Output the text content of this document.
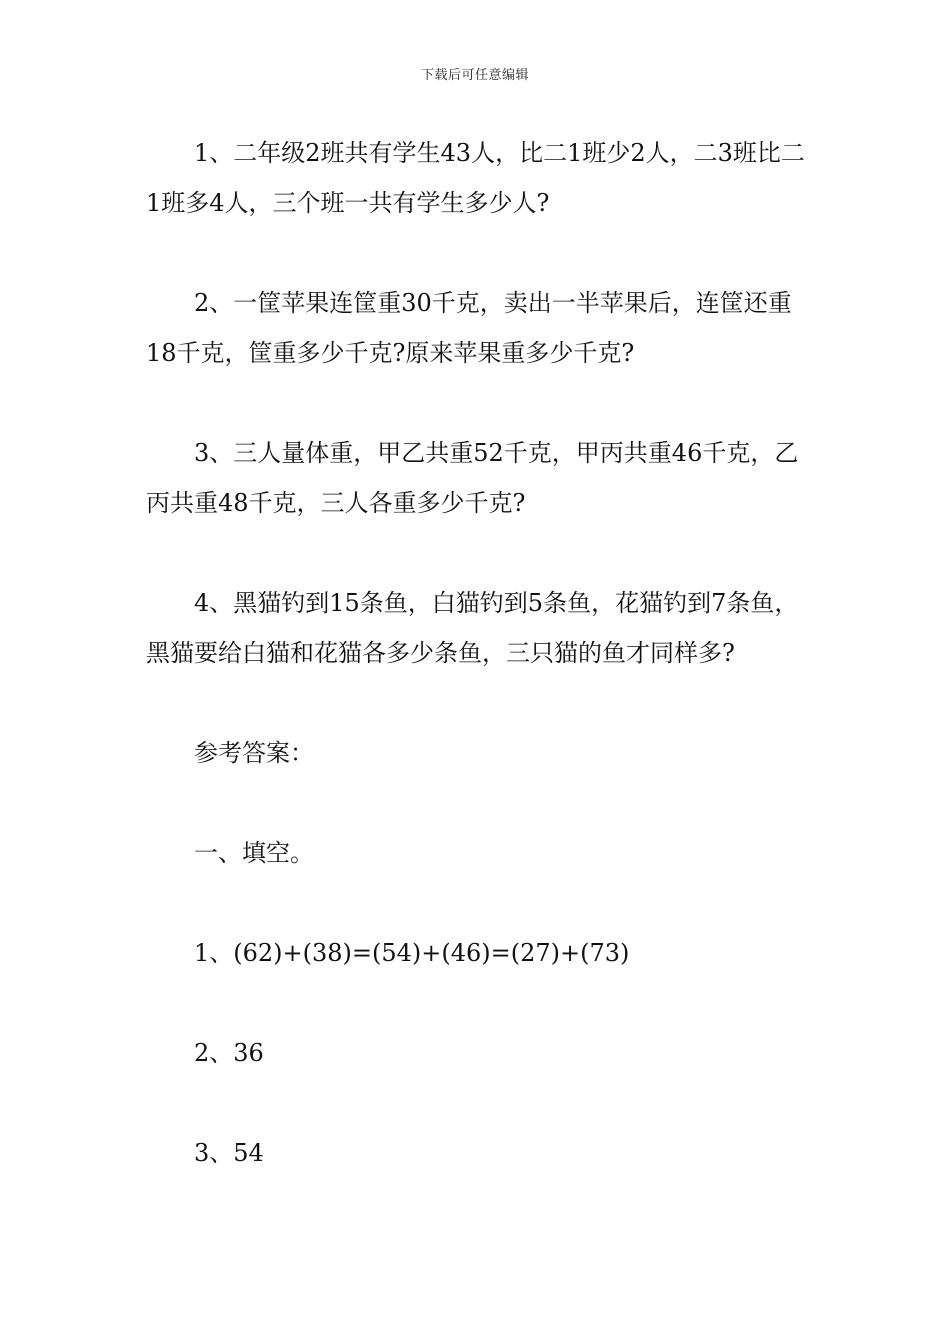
下载后可任意编辑

1、二年级2班共有学生43人，比二1班少2人，二3班比二1班多4人，三个班一共有学生多少人?

2、一筐苹果连筐重30千克，卖出一半苹果后，连筐还重18千克，筐重多少千克?原来苹果重多少千克?

3、三人量体重，甲乙共重52千克，甲丙共重46千克，乙丙共重48千克，三人各重多少千克?

4、黑猫钓到15条鱼，白猫钓到5条鱼，花猫钓到7条鱼，黑猫要给白猫和花猫各多少条鱼，三只猫的鱼才同样多?

参考答案：

一、填空。

1、(62)+(38)=(54)+(46)=(27)+(73)

2、36

3、54
